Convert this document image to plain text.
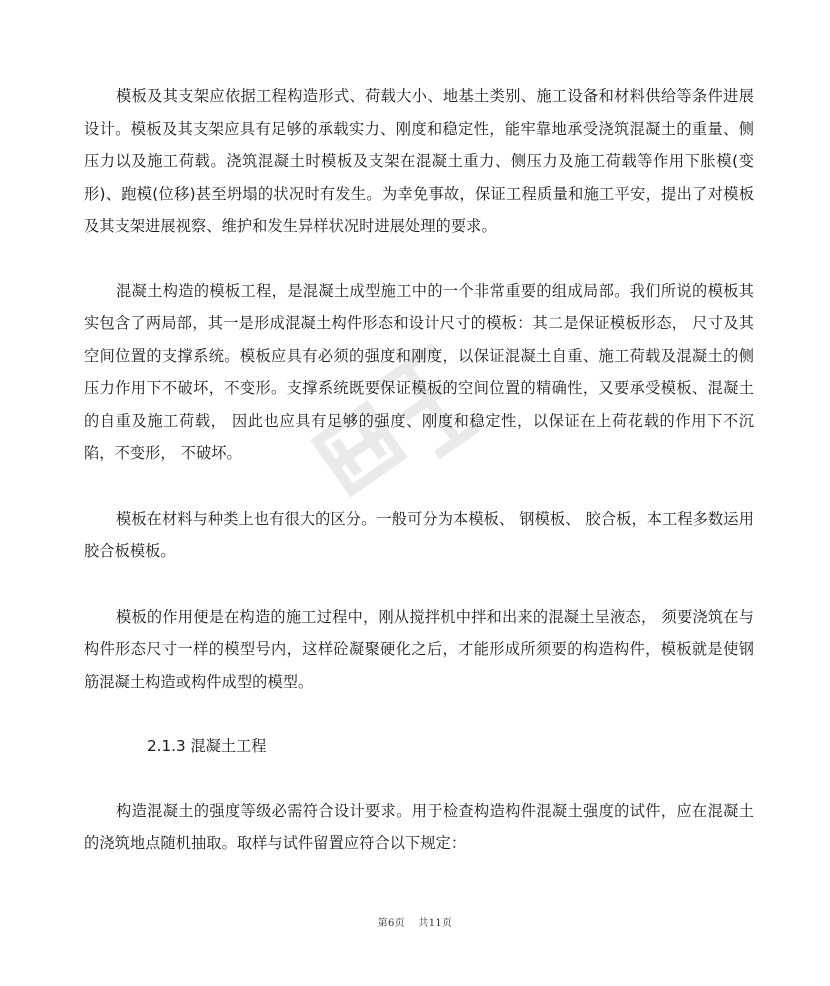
模板及其支架应依据工程构造形式、荷载大小、地基土类别、施工设备和材料供给等条件进展设计。模板及其支架应具有足够的承载实力、刚度和稳定性，能牢靠地承受浇筑混凝土的重量、侧压力以及施工荷载。浇筑混凝土时模板及支架在混凝土重力、侧压力及施工荷载等作用下胀模(变形)、跑模(位移)甚至坍塌的状况时有发生。为幸免事故，保证工程质量和施工平安，提出了对模板及其支架进展视察、维护和发生异样状况时进展处理的要求。

混凝土构造的模板工程，是混凝土成型施工中的一个非常重要的组成局部。我们所说的模板其实包含了两局部，其一是形成混凝土构件形态和设计尺寸的模板：其二是保证模板形态， 尺寸及其空间位置的支撑系统。模板应具有必须的强度和刚度，以保证混凝土自重、施工荷载及混凝土的侧压力作用下不破坏，不变形。支撑系统既要保证模板的空间位置的精确性，又要承受模板、混凝土的自重及施工荷载， 因此也应具有足够的强度、刚度和稳定性，以保证在上荷花载的作用下不沉陷，不变形， 不破坏。

模板在材料与种类上也有很大的区分。一般可分为本模板、 钢模板、 胶合板，本工程多数运用胶合板模板。

模板的作用便是在构造的施工过程中，刚从搅拌机中拌和出来的混凝土呈液态， 须要浇筑在与构件形态尺寸一样的模型号内，这样砼凝聚硬化之后，才能形成所须要的构造构件，模板就是使钢筋混凝土构造或构件成型的模型。

2.1.3 混凝土工程

构造混凝土的强度等级必需符合设计要求。用于检查构造构件混凝土强度的试件，应在混凝土的浇筑地点随机抽取。取样与试件留置应符合以下规定：

第6页 共11页
